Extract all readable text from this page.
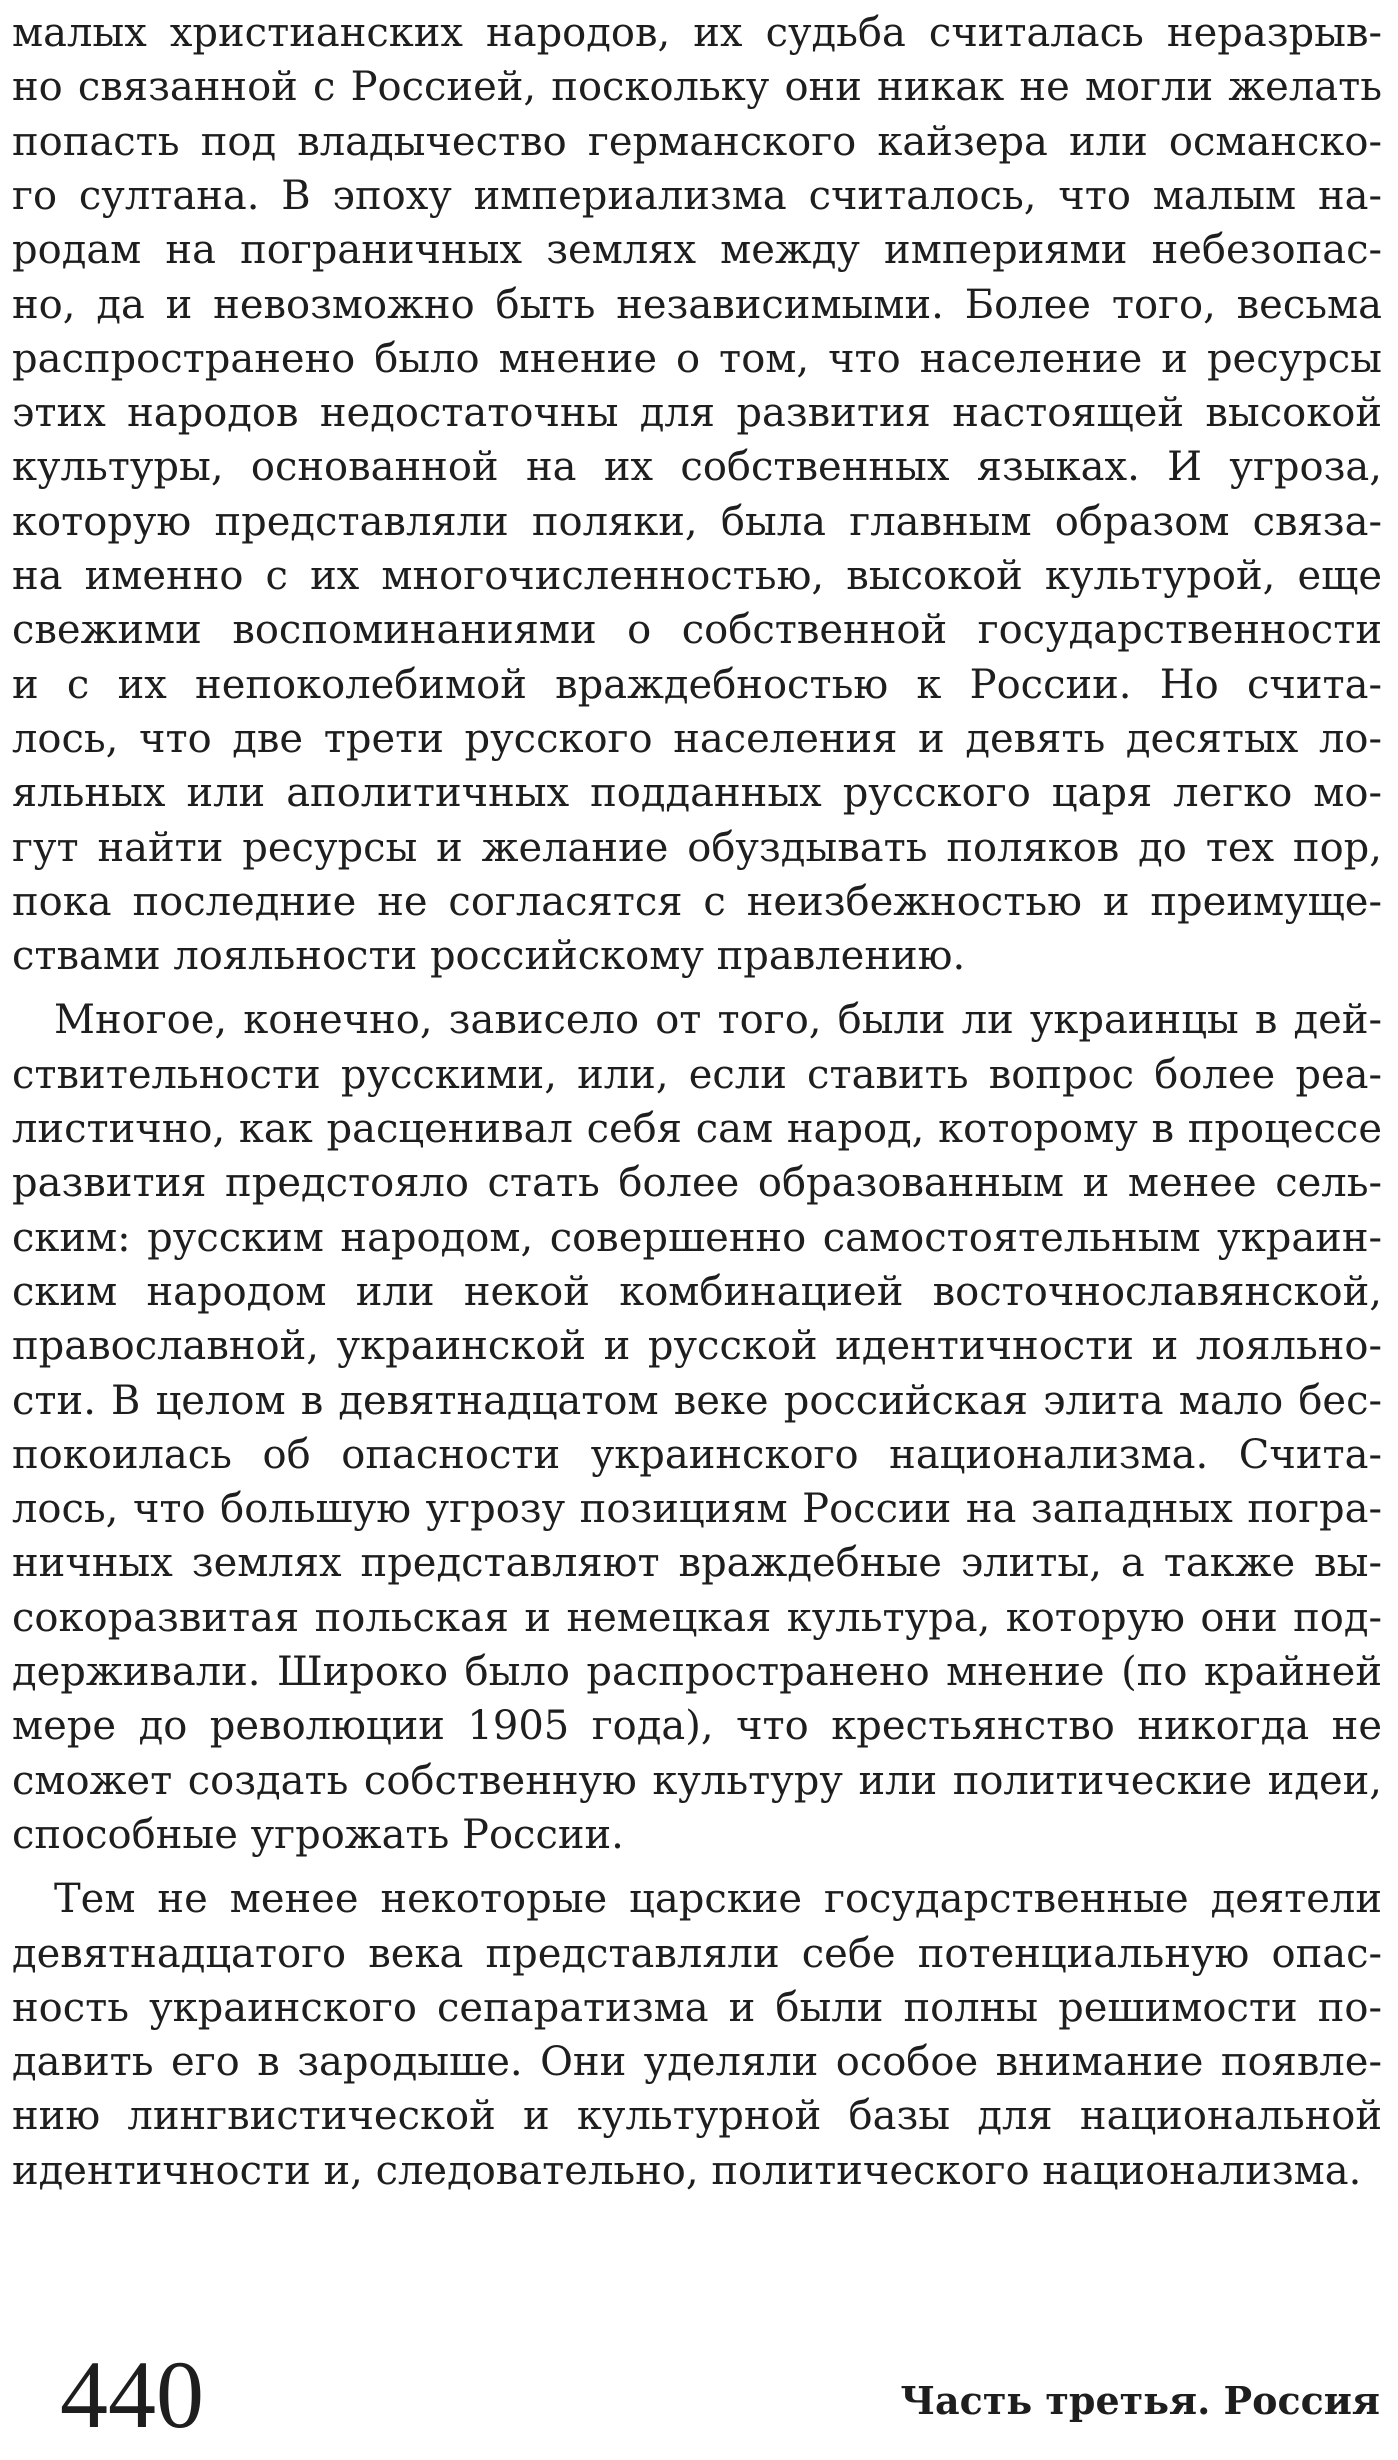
малых христианских народов, их судьба считалась неразрыв-
но связанной с Россией, поскольку они никак не могли желать
попасть под владычество германского кайзера или османско-
го султана. В эпоху империализма считалось, что малым на-
родам на пограничных землях между империями небезопас-
но, да и невозможно быть независимыми. Более того, весьма
распространено было мнение о том, что население и ресурсы
этих народов недостаточны для развития настоящей высокой
культуры, основанной на их собственных языках. И угроза,
которую представляли поляки, была главным образом связа-
на именно с их многочисленностью, высокой культурой, еще
свежими воспоминаниями о собственной государственности
и с их непоколебимой враждебностью к России. Но счита-
лось, что две трети русского населения и девять десятых ло-
яльных или аполитичных подданных русского царя легко мо-
гут найти ресурсы и желание обуздывать поляков до тех пор,
пока последние не согласятся с неизбежностью и преимуще-
ствами лояльности российскому правлению.
Многое, конечно, зависело от того, были ли украинцы в дей-
ствительности русскими, или, если ставить вопрос более реа-
листично, как расценивал себя сам народ, которому в процессе
развития предстояло стать более образованным и менее сель-
ским: русским народом, совершенно самостоятельным украин-
ским народом или некой комбинацией восточнославянской,
православной, украинской и русской идентичности и лояльно-
сти. В целом в девятнадцатом веке российская элита мало бес-
покоилась об опасности украинского национализма. Счита-
лось, что большую угрозу позициям России на западных погра-
ничных землях представляют враждебные элиты, а также вы-
сокоразвитая польская и немецкая культура, которую они под-
держивали. Широко было распространено мнение (по крайней
мере до революции 1905 года), что крестьянство никогда не
сможет создать собственную культуру или политические идеи,
способные угрожать России.
Тем не менее некоторые царские государственные деятели
девятнадцатого века представляли себе потенциальную опас-
ность украинского сепаратизма и были полны решимости по-
давить его в зародыше. Они уделяли особое внимание появле-
нию лингвистической и культурной базы для национальной
идентичности и, следовательно, политического национализма.
440	Часть третья. Россия
